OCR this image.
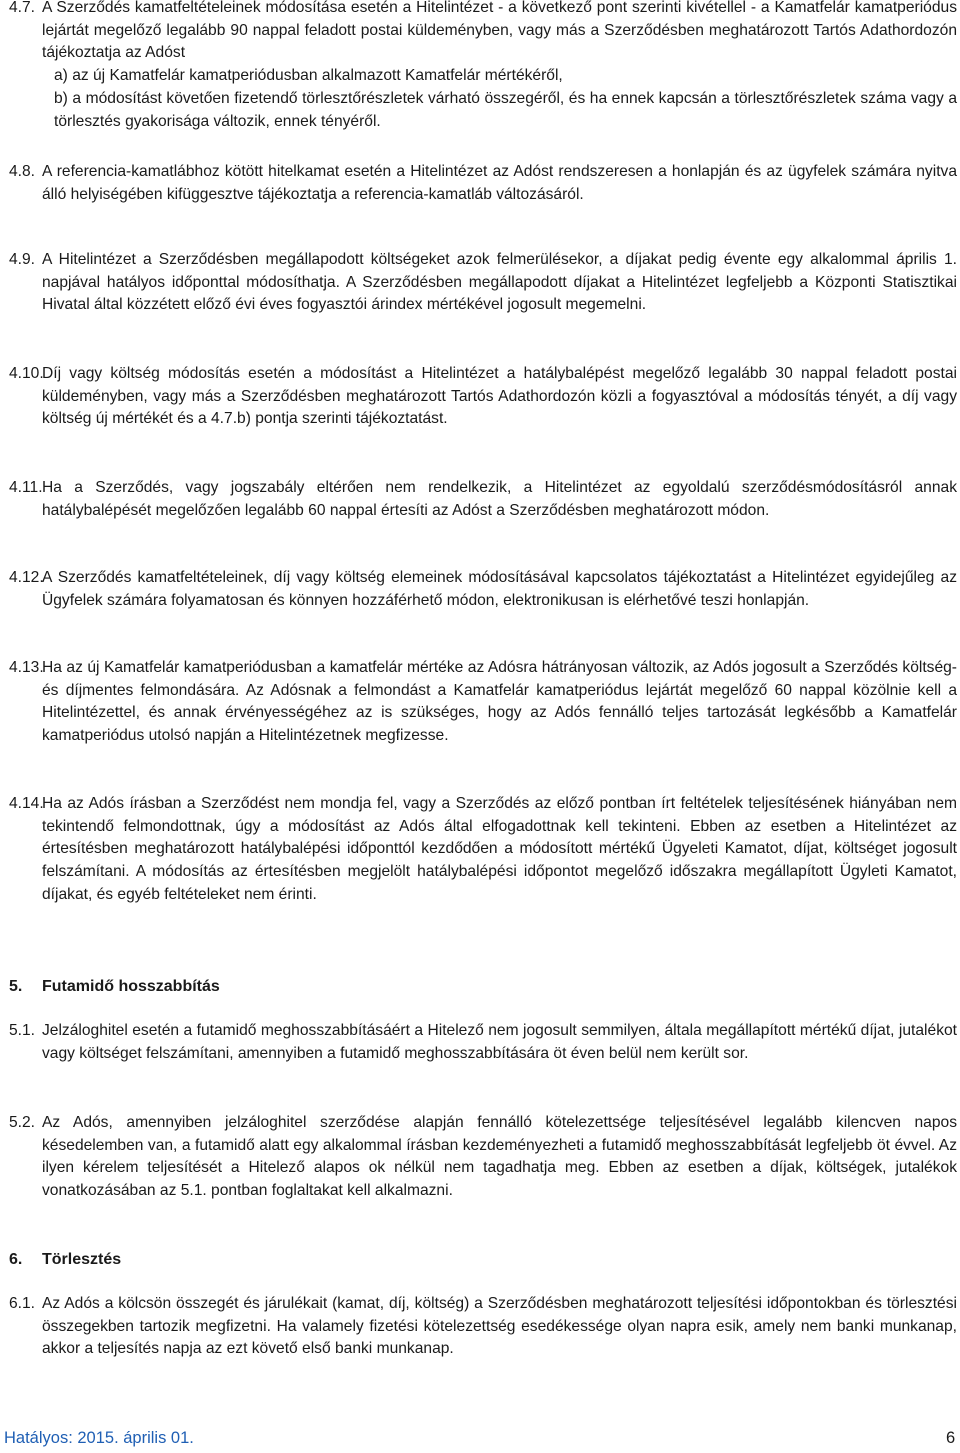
4.7. A Szerződés kamatfeltételeinek módosítása esetén a Hitelintézet - a következő pont szerinti kivétellel - a Kamatfelár kamatperiódus lejártát megelőző legalább 90 nappal feladott postai küldeményben, vagy más a Szerződésben meghatározott Tartós Adathordozón tájékoztatja az Adóst
a) az új Kamatfelár kamatperiódusban alkalmazott Kamatfelár mértékéről,
b) a módosítást követően fizetendő törlesztőrészletek várható összegéről, és ha ennek kapcsán a törlesztőrészletek száma vagy a törlesztés gyakorisága változik, ennek tényéről.
4.8. A referencia-kamatlábhoz kötött hitelkamat esetén a Hitelintézet az Adóst rendszeresen a honlapján és az ügyfelek számára nyitva álló helyiségében kifüggesztve tájékoztatja a referencia-kamatláb változásáról.
4.9. A Hitelintézet a Szerződésben megállapodott költségeket azok felmerülésekor, a díjakat pedig évente egy alkalommal április 1. napjával hatályos időponttal módosíthatja. A Szerződésben megállapodott díjakat a Hitelintézet legfeljebb a Központi Statisztikai Hivatal által közzétett előző évi éves fogyasztói árindex mértékével jogosult megemelni.
4.10.
Díj vagy költség módosítás esetén a módosítást a Hitelintézet a hatálybalépést megelőző legalább 30 nappal feladott postai küldeményben, vagy más a Szerződésben meghatározott Tartós Adathordozón közli a fogyasztóval a módosítás tényét, a díj vagy költség új mértékét és a 4.7.b) pontja szerinti tájékoztatást.
4.11. Ha a Szerződés, vagy jogszabály eltérően nem rendelkezik, a Hitelintézet az egyoldalú szerződésmódosításról annak hatálybalépését megelőzően legalább 60 nappal értesíti az Adóst a Szerződésben meghatározott módon.
4.12.
A Szerződés kamatfeltételeinek, díj vagy költség elemeinek módosításával kapcsolatos tájékoztatást a Hitelintézet egyidejűleg az Ügyfelek számára folyamatosan és könnyen hozzáférhető módon, elektronikusan is elérhetővé teszi honlapján.
4.13.
Ha az új Kamatfelár kamatperiódusban a kamatfelár mértéke az Adósra hátrányosan változik, az Adós jogosult a Szerződés költség- és díjmentes felmondására. Az Adósnak a felmondást a Kamatfelár kamatperiódus lejártát megelőző 60 nappal közölnie kell a Hitelintézettel, és annak érvényességéhez az is szükséges, hogy az Adós fennálló teljes tartozását legkésőbb a Kamatfelár kamatperiódus utolsó napján a Hitelintézetnek megfizesse.
4.14.
Ha az Adós írásban a Szerződést nem mondja fel, vagy a Szerződés az előző pontban írt feltételek teljesítésének hiányában nem tekintendő felmondottnak, úgy a módosítást az Adós által elfogadottnak kell tekinteni. Ebben az esetben a Hitelintézet az értesítésben meghatározott hatálybalépési időponttól kezdődően a módosított mértékű Ügyeleti Kamatot, díjat, költséget jogosult felszámítani. A módosítás az értesítésben megjelölt hatálybalépési időpontot megelőző időszakra megállapított Ügyleti Kamatot, díjakat, és egyéb feltételeket nem érinti.
5. Futamidő hosszabbítás
5.1. Jelzáloghitel esetén a futamidő meghosszabbításáért a Hitelező nem jogosult semmilyen, általa megállapított mértékű díjat, jutalékot vagy költséget felszámítani, amennyiben a futamidő meghosszabbítására öt éven belül nem került sor.
5.2. Az Adós, amennyiben jelzáloghitel szerződése alapján fennálló kötelezettsége teljesítésével legalább kilencven napos késedelemben van, a futamidő alatt egy alkalommal írásban kezdeményezheti a futamidő meghosszabbítását legfeljebb öt évvel. Az ilyen kérelem teljesítését a Hitelező alapos ok nélkül nem tagadhatja meg. Ebben az esetben a díjak, költségek, jutalékok vonatkozásában az 5.1. pontban foglaltakat kell alkalmazni.
6. Törlesztés
6.1. Az Adós a kölcsön összegét és járulékait (kamat, díj, költség) a Szerződésben meghatározott teljesítési időpontokban és törlesztési összegekben tartozik megfizetni. Ha valamely fizetési kötelezettség esedékessége olyan napra esik, amely nem banki munkanap, akkor a teljesítés napja az ezt követő első banki munkanap.
Hatályos: 2015. április 01.	6
